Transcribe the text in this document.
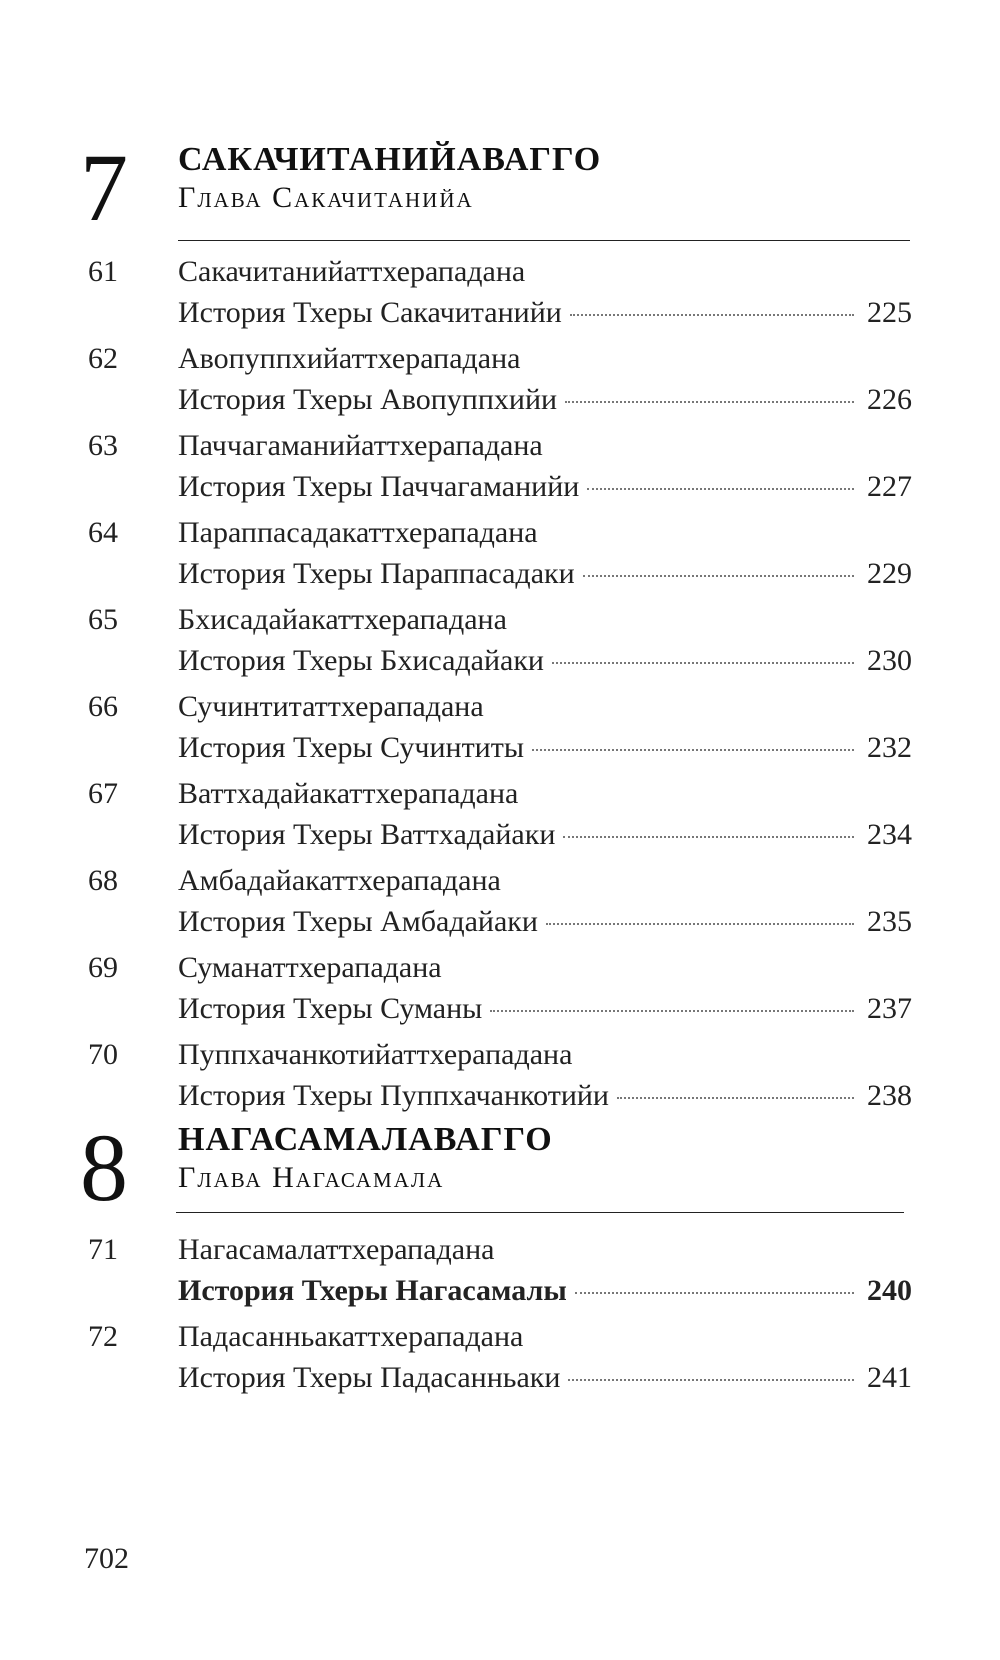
7 САКАЧИТАНИЙАВАГГО
Глава Сакачитанийа
61 Сакачитанийаттхерападана
История Тхеры Сакачитанийи	225
62 Авопуппхийаттхерападана
История Тхеры Авопуппхийи	226
63 Паччагаманийаттхерападана
История Тхеры Паччагаманийи	227
64 Параппасадакаттхерападана
История Тхеры Параппасадаки	229
65 Бхисадайакаттхерападана
История Тхеры Бхисадайаки	230
66 Сучинтитаттхерападана
История Тхеры Сучинтиты	232
67 Ваттхадайакаттхерападана
История Тхеры Ваттхадайаки	234
68 Амбадайакаттхерападана
История Тхеры Амбадайаки	235
69 Суманаттхерападана
История Тхеры Суманы	237
70 Пуппхачанкотийаттхерападана
История Тхеры Пуппхачанкотийи	238
8 НАГАСАМАЛАВАГГО
Глава Нагасамала
71 Нагасамалаттхерападана
История Тхеры Нагасамалы	240
72 Падасанньакаттхерападана
История Тхеры Падасанньаки	241
702
